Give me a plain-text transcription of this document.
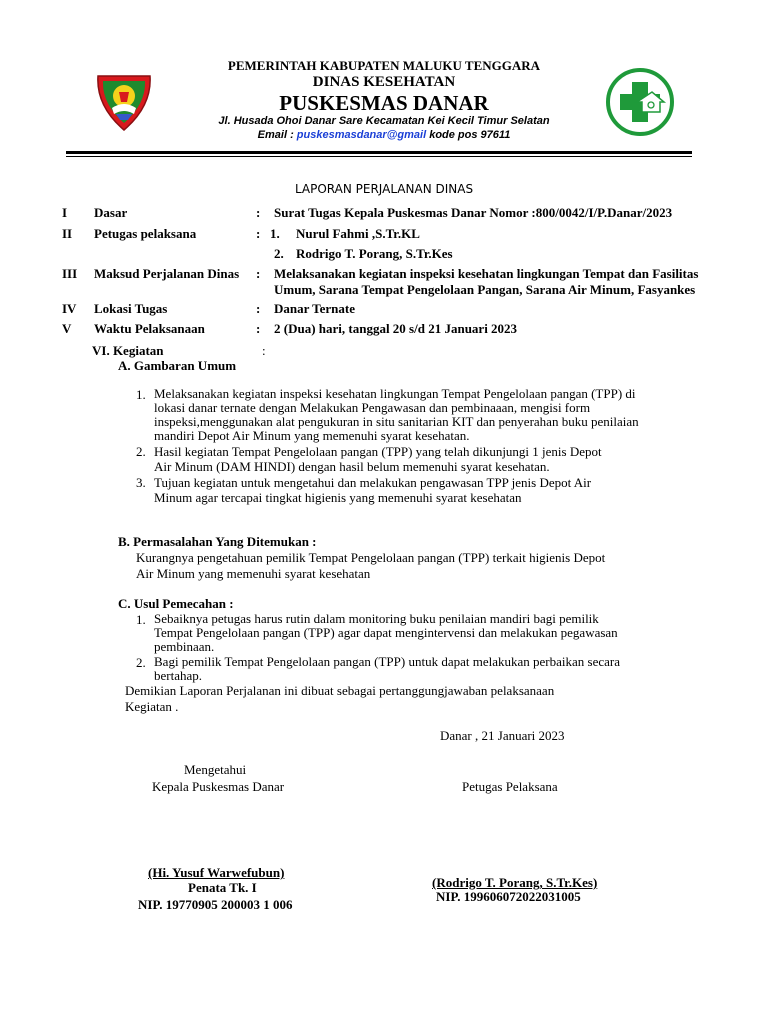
PEMERINTAH KABUPATEN MALUKU TENGGARA
DINAS KESEHATAN
PUSKESMAS DANAR
Jl. Husada Ohoi Danar Sare Kecamatan Kei Kecil Timur Selatan
Email : puskesmasdanar@gmail kode pos 97611
LAPORAN PERJALANAN DINAS
I Dasar	: Surat Tugas Kepala Puskesmas Danar Nomor :800/0042/I/P.Danar/2023
II Petugas pelaksana	: 1. Nurul Fahmi ,S.Tr.KL
2. Rodrigo T. Porang, S.Tr.Kes
III Maksud Perjalanan Dinas : Melaksanakan kegiatan inspeksi kesehatan lingkungan Tempat dan Fasilitas
Umum, Sarana Tempat Pengelolaan Pangan, Sarana Air Minum, Fasyankes
IV Lokasi Tugas	: Danar Ternate
V Waktu Pelaksanaan	: 2 (Dua) hari, tanggal 20 s/d 21 Januari 2023
VI. Kegiatan	:
A. Gambaran Umum
1. Melaksanakan kegiatan inspeksi kesehatan lingkungan Tempat Pengelolaan pangan (TPP) di
lokasi danar ternate dengan Melakukan Pengawasan dan pembinaaan, mengisi form
inspeksi,menggunakan alat pengukuran in situ sanitarian KIT dan penyerahan buku penilaian
mandiri Depot Air Minum yang memenuhi syarat kesehatan.
2. Hasil kegiatan Tempat Pengelolaan pangan (TPP) yang telah dikunjungi 1 jenis Depot
Air Minum (DAM HINDI) dengan hasil belum memenuhi syarat kesehatan.
3. Tujuan kegiatan untuk mengetahui dan melakukan pengawasan TPP jenis Depot Air
Minum agar tercapai tingkat higienis yang memenuhi syarat kesehatan
B. Permasalahan Yang Ditemukan :
Kurangnya pengetahuan pemilik Tempat Pengelolaan pangan (TPP) terkait higienis Depot
Air Minum yang memenuhi syarat kesehatan
C. Usul Pemecahan :
1. Sebaiknya petugas harus rutin dalam monitoring buku penilaian mandiri bagi pemilik
Tempat Pengelolaan pangan (TPP) agar dapat menginterv​ensi dan melakukan pegawasan
pembinaan.
2. Bagi pemilik Tempat Pengelolaan pangan (TPP) untuk dapat melakukan perbaikan secara
bertahap.
Demikian Laporan Perjalanan ini dibuat sebagai pertanggungjawaban pelaksanaan
Kegiatan .
Danar , 21 Januari 2023
Mengetahui
Kepala Puskesmas Danar	Petugas Pelaksana
(Hi. Yusuf Warwefubun)
Penata Tk. I
NIP. 19770905 200003 1 006
(Rodrigo T. Porang, S.Tr.Kes)
NIP. 199606072022031005
